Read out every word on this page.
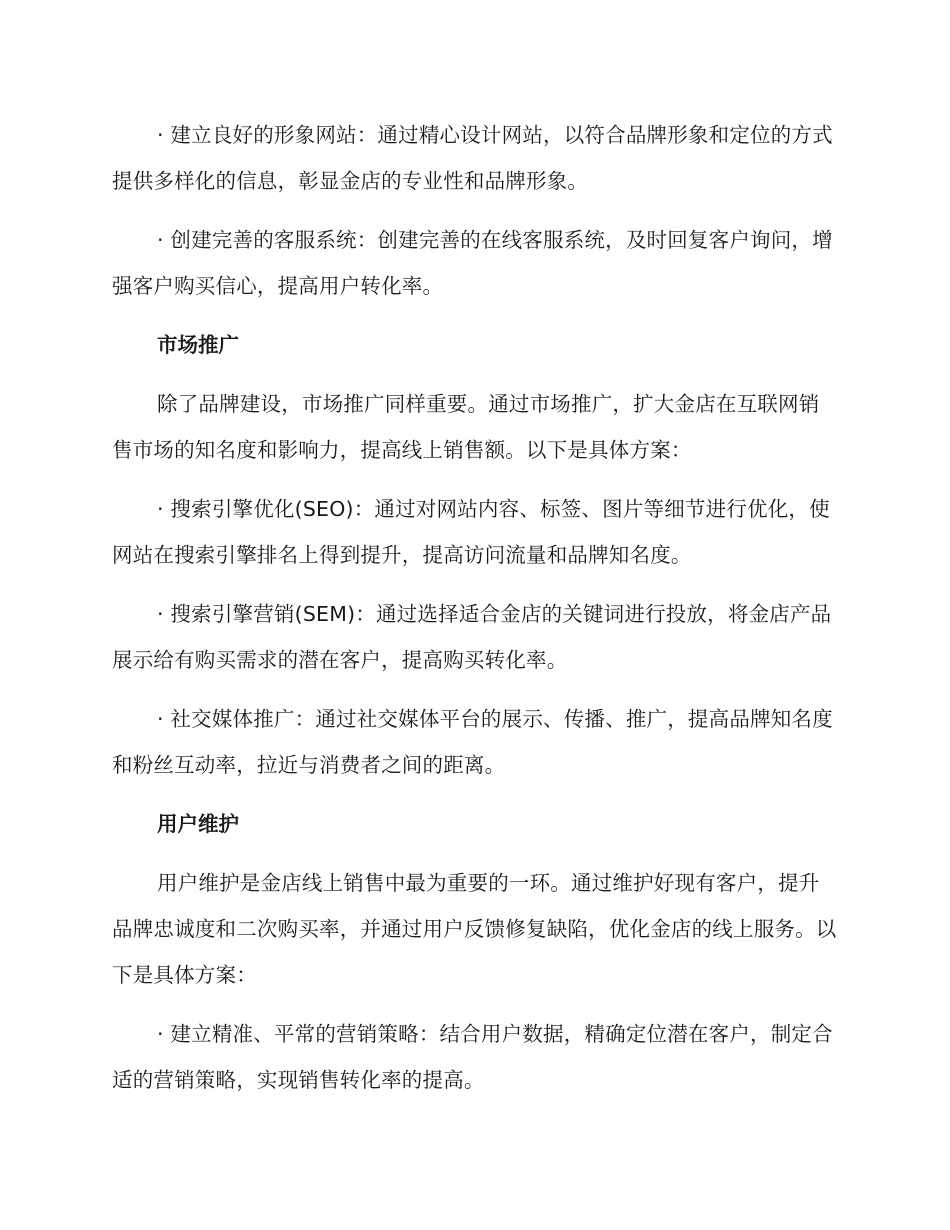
· 建立良好的形象网站：通过精心设计网站，以符合品牌形象和定位的方式提供多样化的信息，彰显金店的专业性和品牌形象。

· 创建完善的客服系统：创建完善的在线客服系统，及时回复客户询问，增强客户购买信心，提高用户转化率。

市场推广

除了品牌建设，市场推广同样重要。通过市场推广，扩大金店在互联网销售市场的知名度和影响力，提高线上销售额。以下是具体方案：

· 搜索引擎优化(SEO)：通过对网站内容、标签、图片等细节进行优化，使网站在搜索引擎排名上得到提升，提高访问流量和品牌知名度。

· 搜索引擎营销(SEM)：通过选择适合金店的关键词进行投放，将金店产品展示给有购买需求的潜在客户，提高购买转化率。

· 社交媒体推广：通过社交媒体平台的展示、传播、推广，提高品牌知名度和粉丝互动率，拉近与消费者之间的距离。

用户维护

用户维护是金店线上销售中最为重要的一环。通过维护好现有客户，提升品牌忠诚度和二次购买率，并通过用户反馈修复缺陷，优化金店的线上服务。以下是具体方案：

· 建立精准、平常的营销策略：结合用户数据，精确定位潜在客户，制定合适的营销策略，实现销售转化率的提高。
